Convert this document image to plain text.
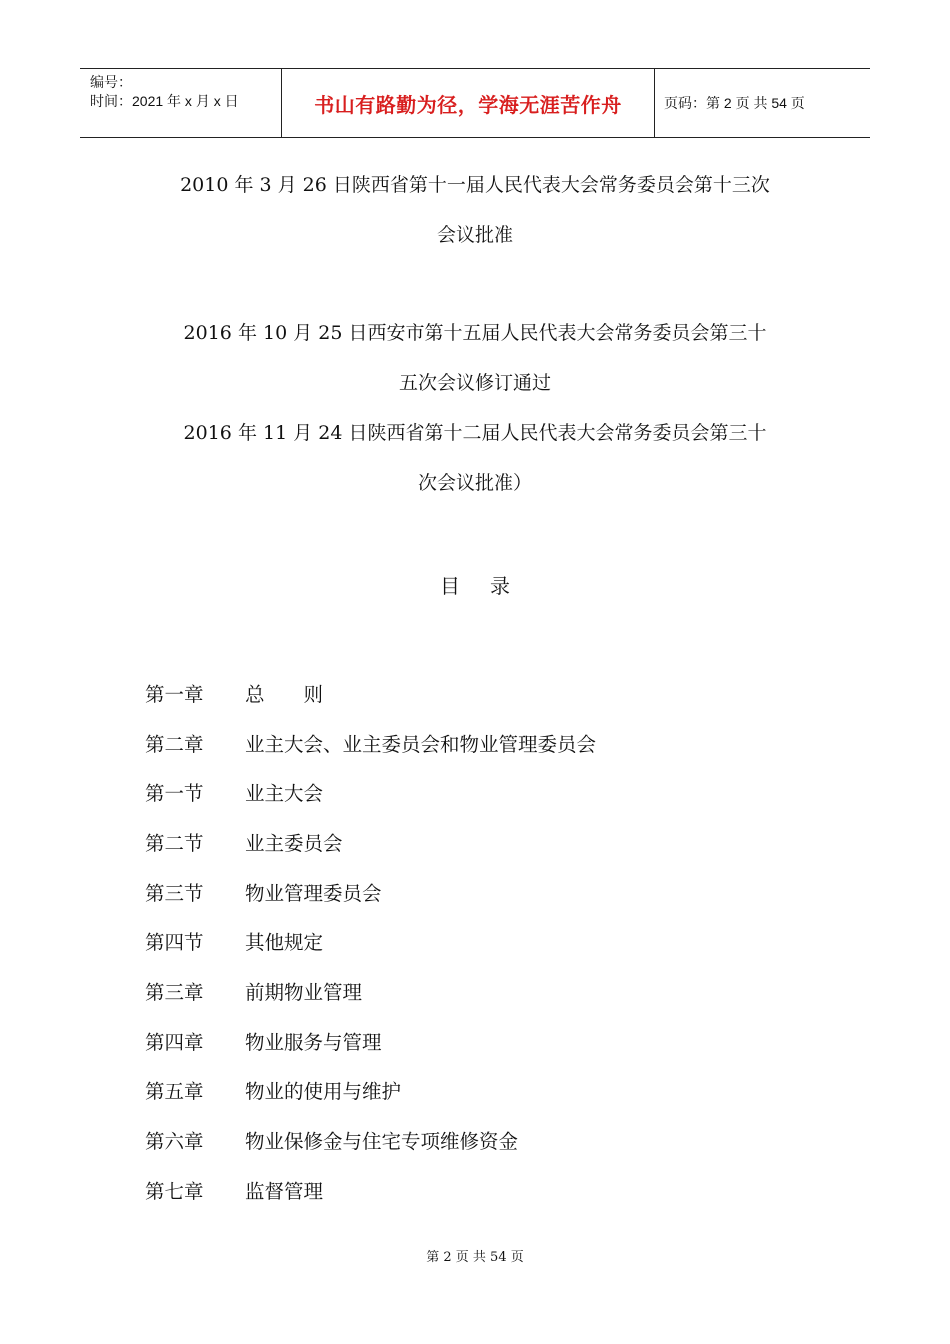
编号：
时间：2021 年 x 月 x 日	书山有路勤为径，学海无涯苦作舟	页码：第 2 页 共 54 页
2010 年 3 月 26 日陕西省第十一届人民代表大会常务委员会第十三次
会议批准
2016 年 10 月 25 日西安市第十五届人民代表大会常务委员会第三十
五次会议修订通过
2016 年 11 月 24 日陕西省第十二届人民代表大会常务委员会第三十
次会议批准）
目录
第一章	总　　则
第二章	业主大会、业主委员会和物业管理委员会
第一节	业主大会
第二节	业主委员会
第三节	物业管理委员会
第四节	其他规定
第三章	前期物业管理
第四章	物业服务与管理
第五章	物业的使用与维护
第六章	物业保修金与住宅专项维修资金
第七章	监督管理
第 2 页 共 54 页
